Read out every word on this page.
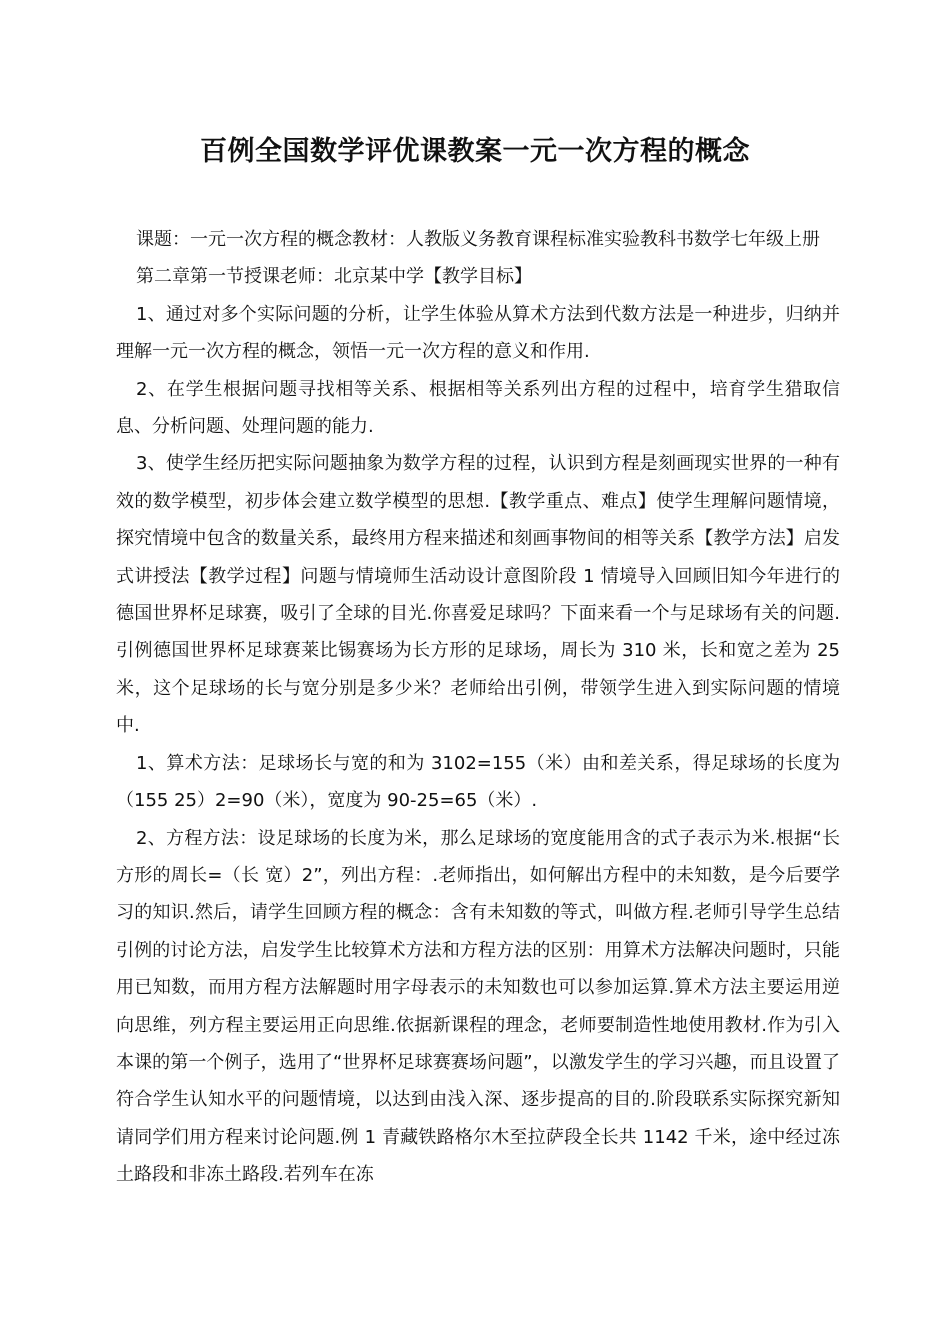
百例全国数学评优课教案一元一次方程的概念

课题：一元一次方程的概念教材：人教版义务教育课程标准实验教科书数学七年级上册

第二章第一节授课老师：北京某中学【教学目标】

1、通过对多个实际问题的分析，让学生体验从算术方法到代数方法是一种进步，归纳并理解一元一次方程的概念，领悟一元一次方程的意义和作用.

2、在学生根据问题寻找相等关系、根据相等关系列出方程的过程中，培育学生猎取信息、分析问题、处理问题的能力.

3、使学生经历把实际问题抽象为数学方程的过程，认识到方程是刻画现实世界的一种有效的数学模型，初步体会建立数学模型的思想.【教学重点、难点】使学生理解问题情境，探究情境中包含的数量关系，最终用方程来描述和刻画事物间的相等关系【教学方法】启发式讲授法【教学过程】问题与情境师生活动设计意图阶段 1 情境导入回顾旧知今年进行的德国世界杯足球赛，吸引了全球的目光.你喜爱足球吗？下面来看一个与足球场有关的问题.引例德国世界杯足球赛莱比锡赛场为长方形的足球场，周长为 310 米，长和宽之差为 25 米，这个足球场的长与宽分别是多少米？老师给出引例，带领学生进入到实际问题的情境中.

1、算术方法：足球场长与宽的和为 3102=155（米）由和差关系，得足球场的长度为（155 25）2=90（米），宽度为 90-25=65（米）.

2、方程方法：设足球场的长度为米，那么足球场的宽度能用含的式子表示为米.根据“长方形的周长=（长 宽）2”，列出方程：.老师指出，如何解出方程中的未知数，是今后要学习的知识.然后，请学生回顾方程的概念：含有未知数的等式，叫做方程.老师引导学生总结引例的讨论方法，启发学生比较算术方法和方程方法的区别：用算术方法解决问题时，只能用已知数，而用方程方法解题时用字母表示的未知数也可以参加运算.算术方法主要运用逆向思维，列方程主要运用正向思维.依据新课程的理念，老师要制造性地使用教材.作为引入本课的第一个例子，选用了“世界杯足球赛赛场问题”，以激发学生的学习兴趣，而且设置了符合学生认知水平的问题情境，以达到由浅入深、逐步提高的目的.阶段联系实际探究新知请同学们用方程来讨论问题.例 1 青藏铁路格尔木至拉萨段全长共 1142 千米，途中经过冻土路段和非冻土路段.若列车在冻
